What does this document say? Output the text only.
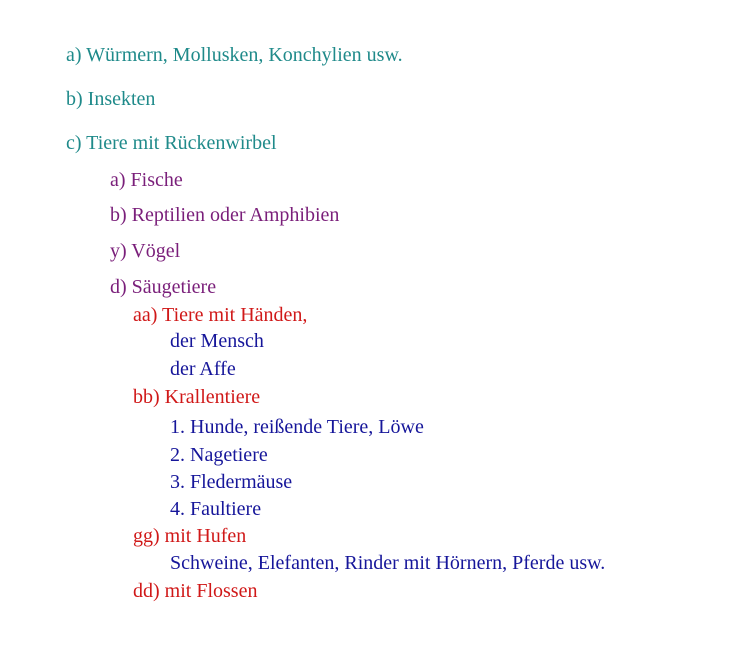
a) Würmern, Mollusken, Konchylien usw.
b) Insekten
c) Tiere mit Rückenwirbel
a) Fische
b) Reptilien oder Amphibien
y) Vögel
d) Säugetiere
aa) Tiere mit Händen,
der Mensch
der Affe
bb) Krallentiere
1. Hunde, reißende Tiere, Löwe
2. Nagetiere
3. Fledermäuse
4. Faultiere
gg) mit Hufen
Schweine, Elefanten, Rinder mit Hörnern, Pferde usw.
dd) mit Flossen
